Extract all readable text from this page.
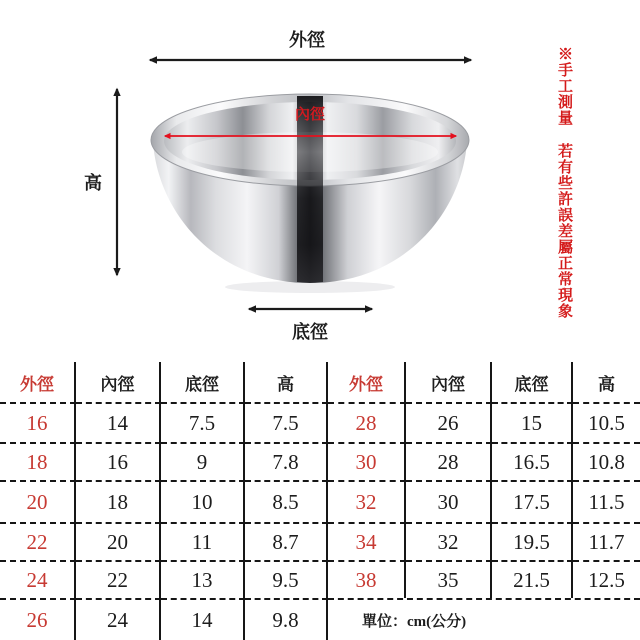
外徑
高
底徑
內徑	※手工測量 若有些許誤差屬正常現象
外徑	內徑	底徑	高	外徑	內徑	底徑	高
16	14	7.5	7.5	28	26	15	10.5
18	16	9	7.8	30	28	16.5	10.8
20	18	10	8.5	32	30	17.5	11.5
22	20	11	8.7	34	32	19.5	11.7
24	22	13	9.5	38	35	21.5	12.5
26	24	14	9.8	單位：cm(公分)
